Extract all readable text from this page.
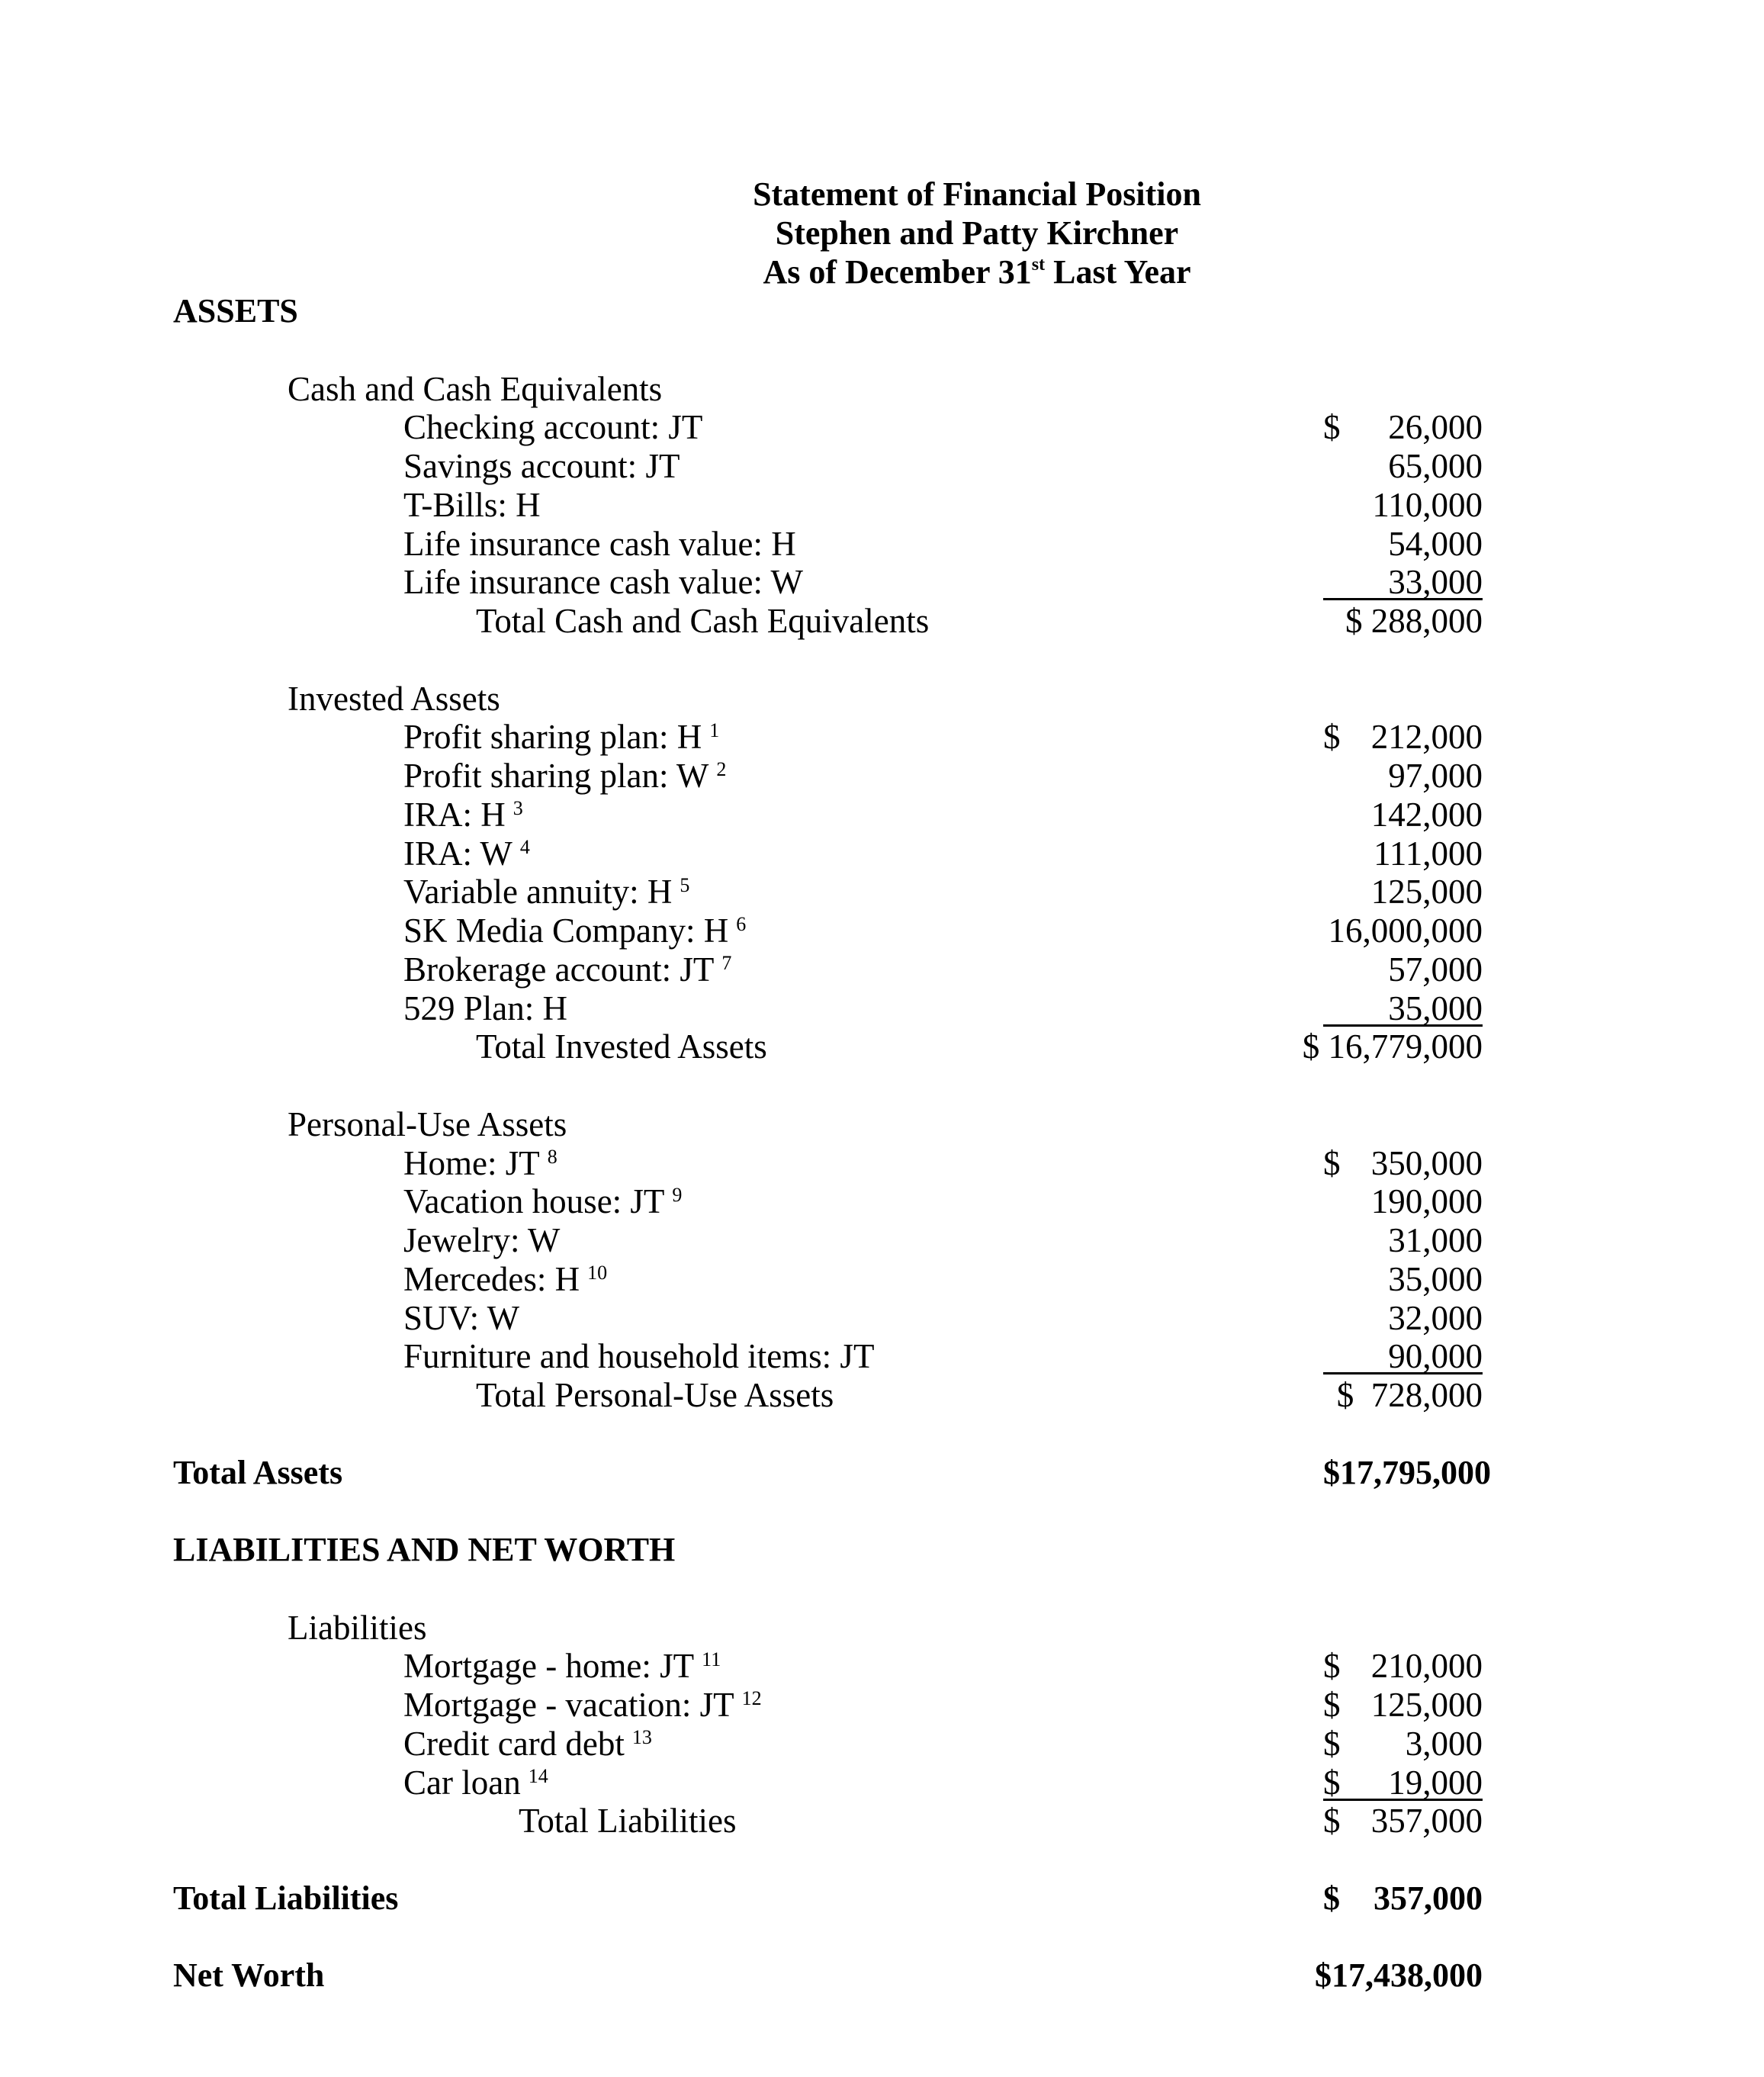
Statement of Financial Position
Stephen and Patty Kirchner
As of December 31st Last Year
ASSETS
Cash and Cash Equivalents
Checking account: JT	$ 26,000
Savings account: JT	65,000
T-Bills: H	110,000
Life insurance cash value: H	54,000
Life insurance cash value: W	33,000
Total Cash and Cash Equivalents	$ 288,000
Invested Assets
Profit sharing plan: H $^1$	$ 212,000
Profit sharing plan: W $^2$	97,000
IRA: H $^3$	142,000
IRA: W $^4$	111,000
Variable annuity: H $^5$	125,000
SK Media Company: H $^6$	16,000,000
Brokerage account: JT $^7$	57,000
529 Plan: H	35,000
Total Invested Assets	$ 16,779,000
Personal-Use Assets
Home: JT $^8$	$ 350,000
Vacation house: JT $^9$	190,000
Jewelry: W	31,000
Mercedes: H $^{10}$	35,000
SUV: W	32,000
Furniture and household items: JT	90,000
Total Personal-Use Assets	$  728,000
Total Assets	$17,795,000
LIABILITIES AND NET WORTH
Liabilities
Mortgage - home: JT $^{11}$	$ 210,000
Mortgage - vacation: JT $^{12}$	$ 125,000
Credit card debt $^{13}$	$ 3,000
Car loan $^{14}$	$ 19,000
Total Liabilities	$ 357,000
Total Liabilities	$ 357,000
Net Worth	$17,438,000
